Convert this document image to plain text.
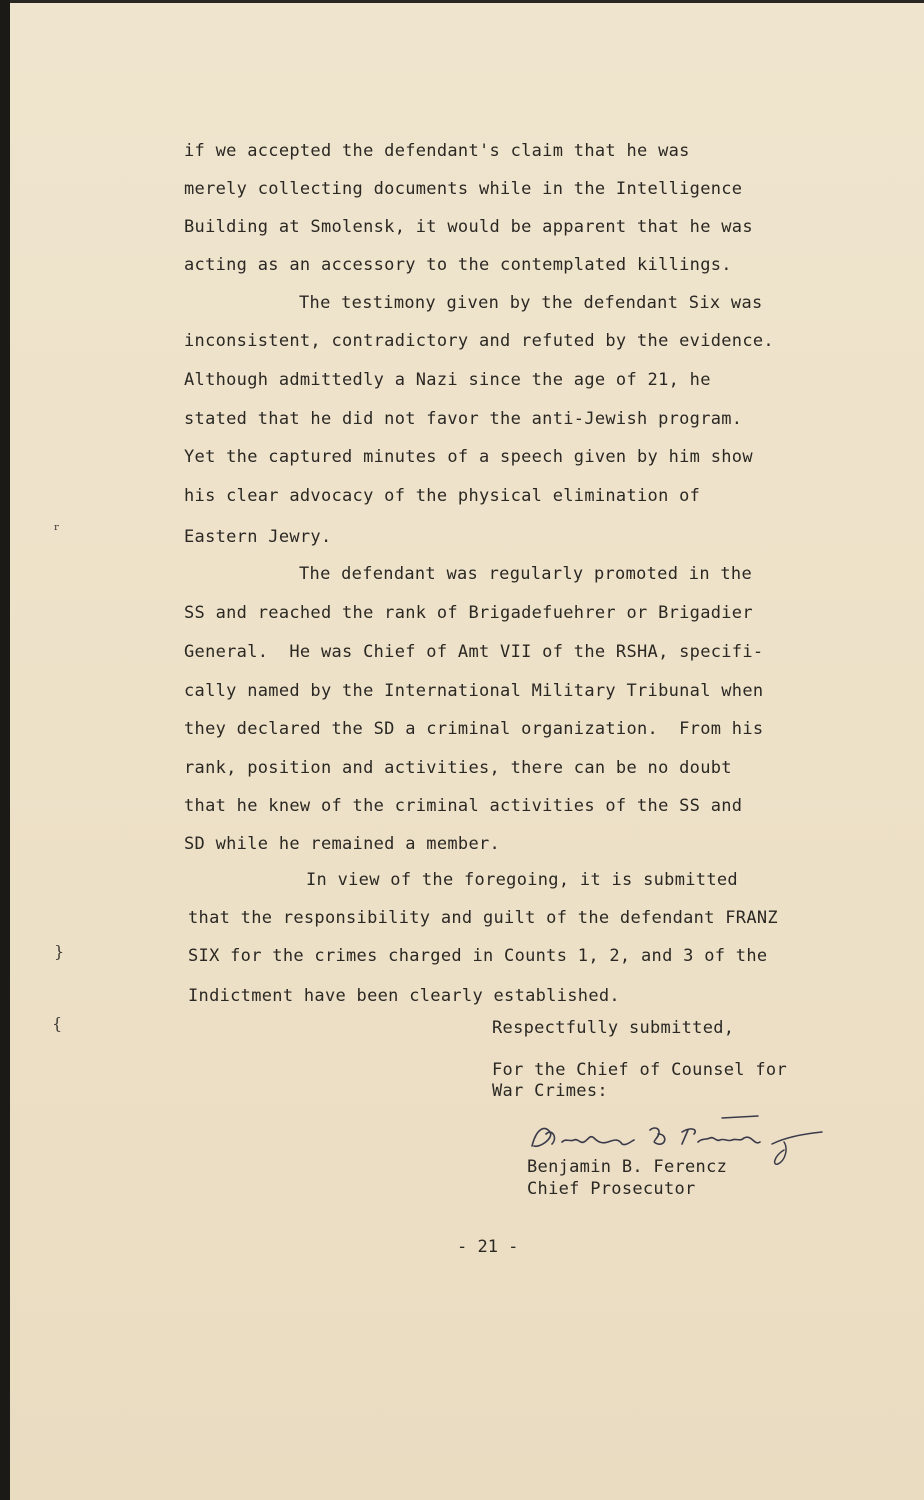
if we accepted the defendant's claim that he was
merely collecting documents while in the Intelligence
Building at Smolensk, it would be apparent that he was
acting as an accessory to the contemplated killings.
The testimony given by the defendant Six was
inconsistent, contradictory and refuted by the evidence.
Although admittedly a Nazi since the age of 21, he
stated that he did not favor the anti-Jewish program.
Yet the captured minutes of a speech given by him show
his clear advocacy of the physical elimination of
Eastern Jewry.
The defendant was regularly promoted in the
SS and reached the rank of Brigadefuehrer or Brigadier
General.  He was Chief of Amt VII of the RSHA, specifi-
cally named by the International Military Tribunal when
they declared the SD a criminal organization.  From his
rank, position and activities, there can be no doubt
that he knew of the criminal activities of the SS and
SD while he remained a member.
In view of the foregoing, it is submitted
that the responsibility and guilt of the defendant FRANZ
SIX for the crimes charged in Counts 1, 2, and 3 of the
Indictment have been clearly established.
Respectfully submitted,
For the Chief of Counsel for
War Crimes:
Benjamin B. Ferencz
Chief Prosecutor
- 21 -
ʳ
}
{
